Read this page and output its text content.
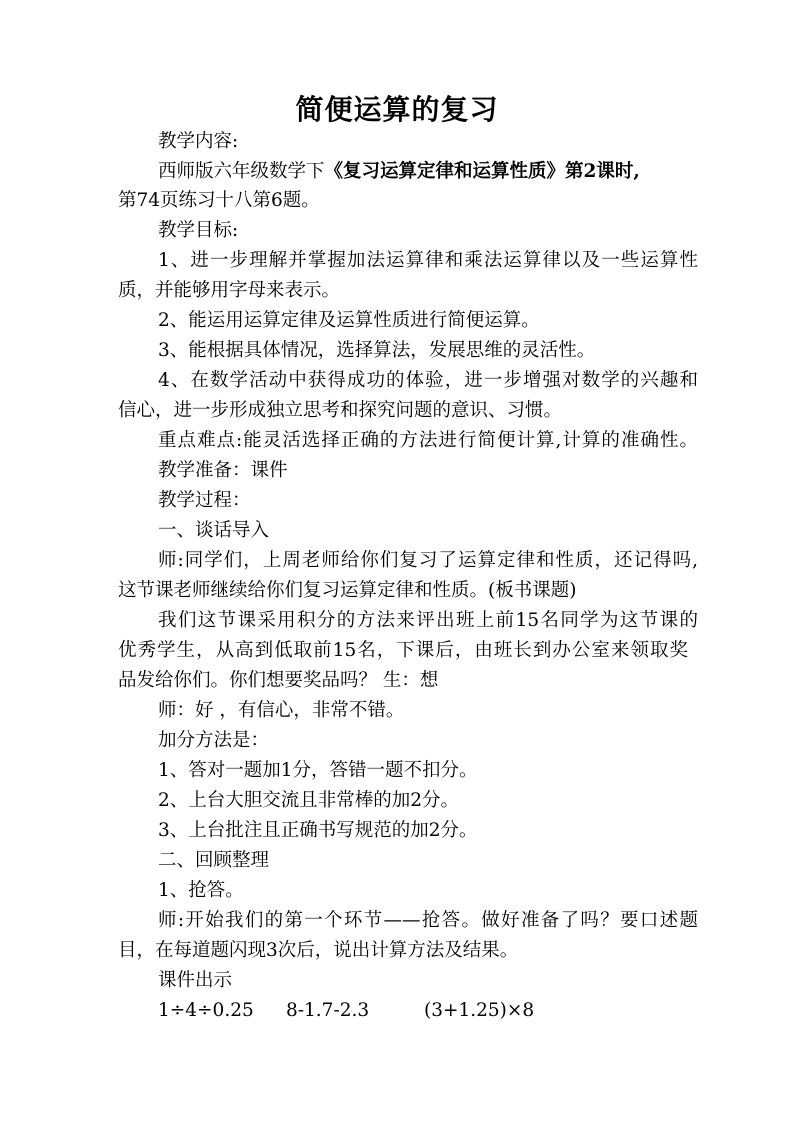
简便运算的复习
教学内容:
西师版六年级数学下《复习运算定律和运算性质》第2课时,
第74页练习十八第6题。
教学目标:
1、进一步理解并掌握加法运算律和乘法运算律以及一些运算性
质，并能够用字母来表示。
2、能运用运算定律及运算性质进行简便运算。
3、能根据具体情况，选择算法，发展思维的灵活性。
4、在数学活动中获得成功的体验，进一步增强对数学的兴趣和
信心，进一步形成独立思考和探究问题的意识、习惯。
重点难点:能灵活选择正确的方法进行简便计算,计算的准确性。
教学准备：课件
教学过程：
一、谈话导入
师:同学们，上周老师给你们复习了运算定律和性质，还记得吗,
这节课老师继续给你们复习运算定律和性质。(板书课题)
我们这节课采用积分的方法来评出班上前15名同学为这节课的
优秀学生，从高到低取前15名，下课后，由班长到办公室来领取奖
品发给你们。你们想要奖品吗？ 生：想
师：好 ，有信心，非常不错。
加分方法是：
1、答对一题加1分，答错一题不扣分。
2、上台大胆交流且非常棒的加2分。
3、上台批注且正确书写规范的加2分。
二、回顾整理
1、抢答。
师:开始我们的第一个环节——抢答。做好准备了吗？要口述题
目，在每道题闪现3次后，说出计算方法及结果。
课件出示
1÷4÷0.25 8-1.7-2.3	(3+1.25)×8
